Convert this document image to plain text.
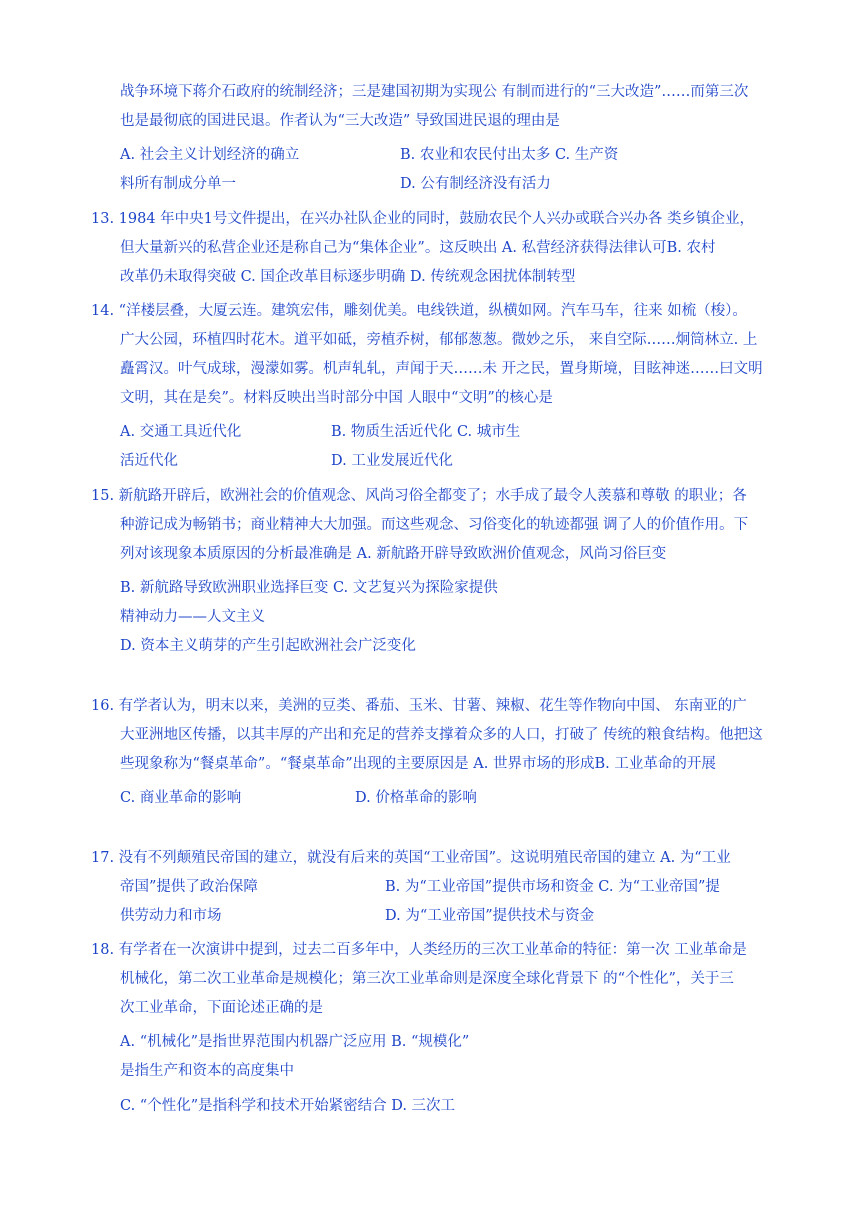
战争环境下蒋介石政府的统制经济；三是建国初期为实现公 有制而进行的“三大改造”……而第三次
也是最彻底的国进民退。作者认为“三大改造” 导致国进民退的理由是
A. 社会主义计划经济的确立	B. 农业和农民付出太多 C. 生产资
料所有制成分单一	D. 公有制经济没有活力
13. 1984 年中央1号文件提出，在兴办社队企业的同时，鼓励农民个人兴办或联合兴办各 类乡镇企业，
但大量新兴的私营企业还是称自己为“集体企业”。这反映出 A. 私营经济获得法律认可B. 农村
改革仍未取得突破 C. 国企改革目标逐步明确 D. 传统观念困扰体制转型
14. “洋楼层叠，大厦云连。建筑宏伟，雕刻优美。电线铁道，纵横如网。汽车马车，往来 如梳（梭）。
广大公园，环植四时花木。道平如砥，旁植乔树，郁郁葱葱。微妙之乐， 来自空际……炯筒林立. 上
矗霄汉。叶气成球，漫濛如雾。机声轧轧，声闻于天……未 开之民，置身斯境，目眩神迷……曰文明
文明，其在是矣”。材料反映出当时部分中国 人眼中“文明”的核心是
A. 交通工具近代化	B. 物质生活近代化 C. 城市生
活近代化	D. 工业发展近代化
15. 新航路开辟后，欧洲社会的价值观念、风尚习俗全都变了；水手成了最令人羡慕和尊敬 的职业；各
种游记成为畅销书；商业精神大大加强。而这些观念、习俗变化的轨迹都强 调了人的价值作用。下
列对该现象本质原因的分析最准确是 A. 新航路开辟导致欧洲价值观念，风尚习俗巨变
B. 新航路导致欧洲职业选择巨变 C. 文艺复兴为探险家提供
精神动力——人文主义
D. 资本主义萌芽的产生引起欧洲社会广泛变化
16. 有学者认为，明末以来，美洲的豆类、番茄、玉米、甘薯、辣椒、花生等作物向中国、 东南亚的广
大亚洲地区传播，以其丰厚的产出和充足的营养支撑着众多的人口，打破了 传统的粮食结构。他把这
些现象称为“餐桌革命”。“餐桌革命”出现的主要原因是 A. 世界市场的形成B. 工业革命的开展
C. 商业革命的影响	D. 价格革命的影响
17. 没有不列颠殖民帝国的建立，就没有后来的英国“工业帝国”。这说明殖民帝国的建立 A. 为“工业
帝国”提供了政治保障	B. 为“工业帝国”提供市场和资金 C. 为“工业帝国”提
供劳动力和市场	D. 为“工业帝国”提供技术与资金
18. 有学者在一次演讲中提到，过去二百多年中，人类经历的三次工业革命的特征：第一次 工业革命是
机械化，第二次工业革命是规模化；第三次工业革命则是深度全球化背景下 的“个性化”，关于三
次工业革命，下面论述正确的是
A. “机械化”是指世界范围内机器广泛应用 B. “规模化”
是指生产和资本的高度集中
C. “个性化”是指科学和技术开始紧密结合 D. 三次工
